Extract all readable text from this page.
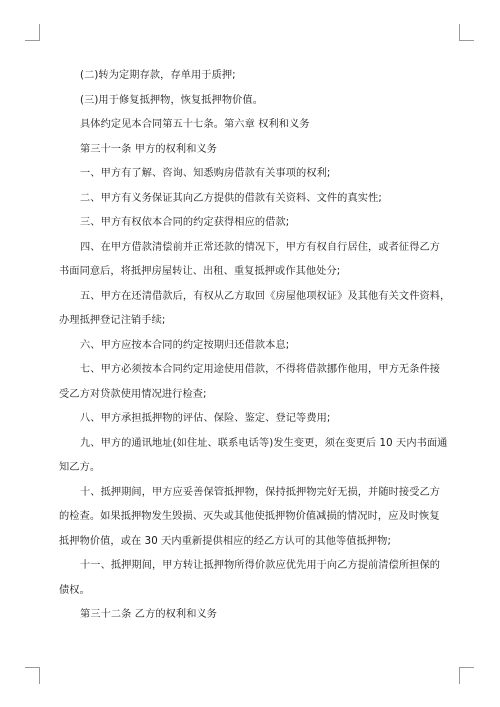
(二)转为定期存款，存单用于质押;

(三)用于修复抵押物，恢复抵押物价值。

具体约定见本合同第五十七条。第六章 权利和义务

第三十一条 甲方的权利和义务

一、甲方有了解、咨询、知悉购房借款有关事项的权利;

二、甲方有义务保证其向乙方提供的借款有关资料、文件的真实性;

三、甲方有权依本合同的约定获得相应的借款;

四、在甲方借款清偿前并正常还款的情况下，甲方有权自行居住，或者征得乙方

书面同意后，将抵押房屋转让、出租、重复抵押或作其他处分;

五、甲方在还清借款后，有权从乙方取回《房屋他项权证》及其他有关文件资料，

办理抵押登记注销手续;

六、甲方应按本合同的约定按期归还借款本息;

七、甲方必须按本合同约定用途使用借款，不得将借款挪作他用，甲方无条件接

受乙方对贷款使用情况进行检查;

八、甲方承担抵押物的评估、保险、鉴定、登记等费用;

九、甲方的通讯地址(如住址、联系电话等)发生变更，须在变更后 10 天内书面通

知乙方。

十、抵押期间，甲方应妥善保管抵押物，保持抵押物完好无损，并随时接受乙方

的检查。如果抵押物发生毁损、灭失或其他使抵押物价值减损的情况时，应及时恢复

抵押物价值，或在 30 天内重新提供相应的经乙方认可的其他等值抵押物;

十一、抵押期间，甲方转让抵押物所得价款应优先用于向乙方提前清偿所担保的

债权。

第三十二条 乙方的权利和义务
